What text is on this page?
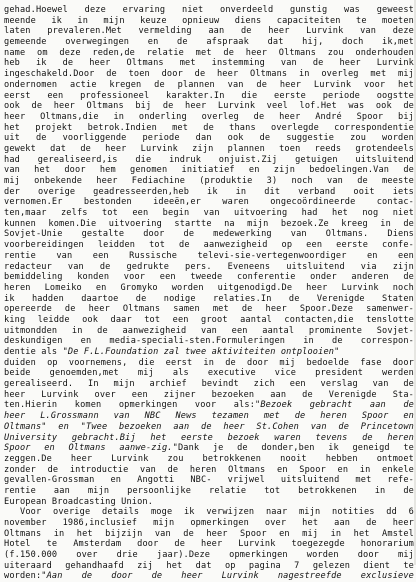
gehad.Hoewel deze ervaring niet onverdeeld gunstig was geweest
meende ik in mijn keuze opnieuw diens capaciteiten te moeten
laten prevaleren.Met vermelding aan de heer Lurvink van deze
gemeende overwegingen en de afspraak dat hij, doch ik,met
name om deze reden,de relatie met de heer Oltmans zou onderhouden
heb ik de heer Oltmans met instemming van de heer Lurvink
ingeschakeld.Door de toen door de heer Oltmans in overleg met mij
ondernomen actie kregen de plannen van de heer Lurvink voor het
eerst een professioneel karakter.In die eerste periode oogstte
ook de heer Oltmans bij de heer Lurvink veel lof.Het was ook de
heer Oltmans,die in onderling overleg de heer André Spoor bij
het projekt betrok.Indien met de thans overlegde correspondentie
uit de voorliggende periode dan ook de suggestie zou worden
gewekt dat de heer Lurvink zijn plannen toen reeds grotendeels
had gerealiseerd,is die indruk onjuist.Zij getuigen uitsluitend
van het door hem genomen initiatief en zijn bedoelingen.Van de
mij onbekende heer Fediachine (produktie 3) noch van de meeste
der overige geadresseerden,heb ik in dit verband ooit iets
vernomen.Er bestonden ideeën,er waren ongecoördineerde contac-
ten,maar zelfs tot een begin van uitvoering had het nog niet
kunnen komen.Die uitvoering startte na mijn bezoek.Ze kreeg in de
Sovjet-Unie gestalte door de medewerking van Oltmans. Diens
voorbereidingen leidden tot de aanwezigheid op een eerste confe-
rentie van een Russische televi-sie-vertegenwoordiger en een
redacteur van de gedrukte pers. Eveneens uitsluitend via zijn
bemiddeling konden voor een tweede conferentie onder anderen de
heren Lomeiko en Gromyko worden uitgenodigd.De heer Lurvink noch
ik hadden daartoe de nodige relaties.In de Verenigde Staten
opereerde de heer Oltmans samen met de heer Spoor.Deze samenwer-
king leidde ook daar tot een groot aantal contacten,die tenslotte
uitmondden in de aanwezigheid van een aantal prominente Sovjet-
deskundigen en media-speciali-sten.Formuleringen in de correspon-
dentie als "De F.L.Foundation zal twee aktiviteiten ontplooien"
duiden op voornemens, die eerst in de door mij bedoelde fase door
beide genoemden,met mij als executive vice president werden
gerealiseerd. In mijn archief bevindt zich een verslag van de
heer Lurvink over een zijner bezoeken aan de Verenigde Sta-
ten.Hierin komen opmerkingen voor als:"Bezoek gebracht aan de
heer L.Grossmann van NBC News tezamen met de heren Spoor en
Oltmans" en "Twee bezoeken aan de heer St.Cohen van de Princetown
University gebracht.Bij het eerste bezoek waren tevens de heren
Spoor en Oltmans aanwe-zig."Dank je de donder,ben ik geneigd te
zeggen.De heer Lurvink zou betrokkenen nooit hebben ontmoet
zonder de introductie van de heren Oltmans en Spoor en in enkele
gevallen-Grossman en Angotti NBC- vrijwel uitsluitend met refe-
rentie aan mijn persoonlijke relatie tot betrokkenen in de
European Broadcasting Union.
Voor overige details moge ik verwijzen naar mijn notities dd 6
november 1986,inclusief mijn opmerkingen over het aan de heer
Oltmans in het bijzijn van de heer Spoor en mij in het Amstel
Hotel te Amsterdam door de heer Lurvink toegezegde honorarium
(f.150.000 over drie jaar).Deze opmerkingen worden door mij
uiteraard gehandhaafd zij het dat op pagina 7 gelezen dient te
worden:"Aan de door de heer Lurvink nagestreefde exclusieve
